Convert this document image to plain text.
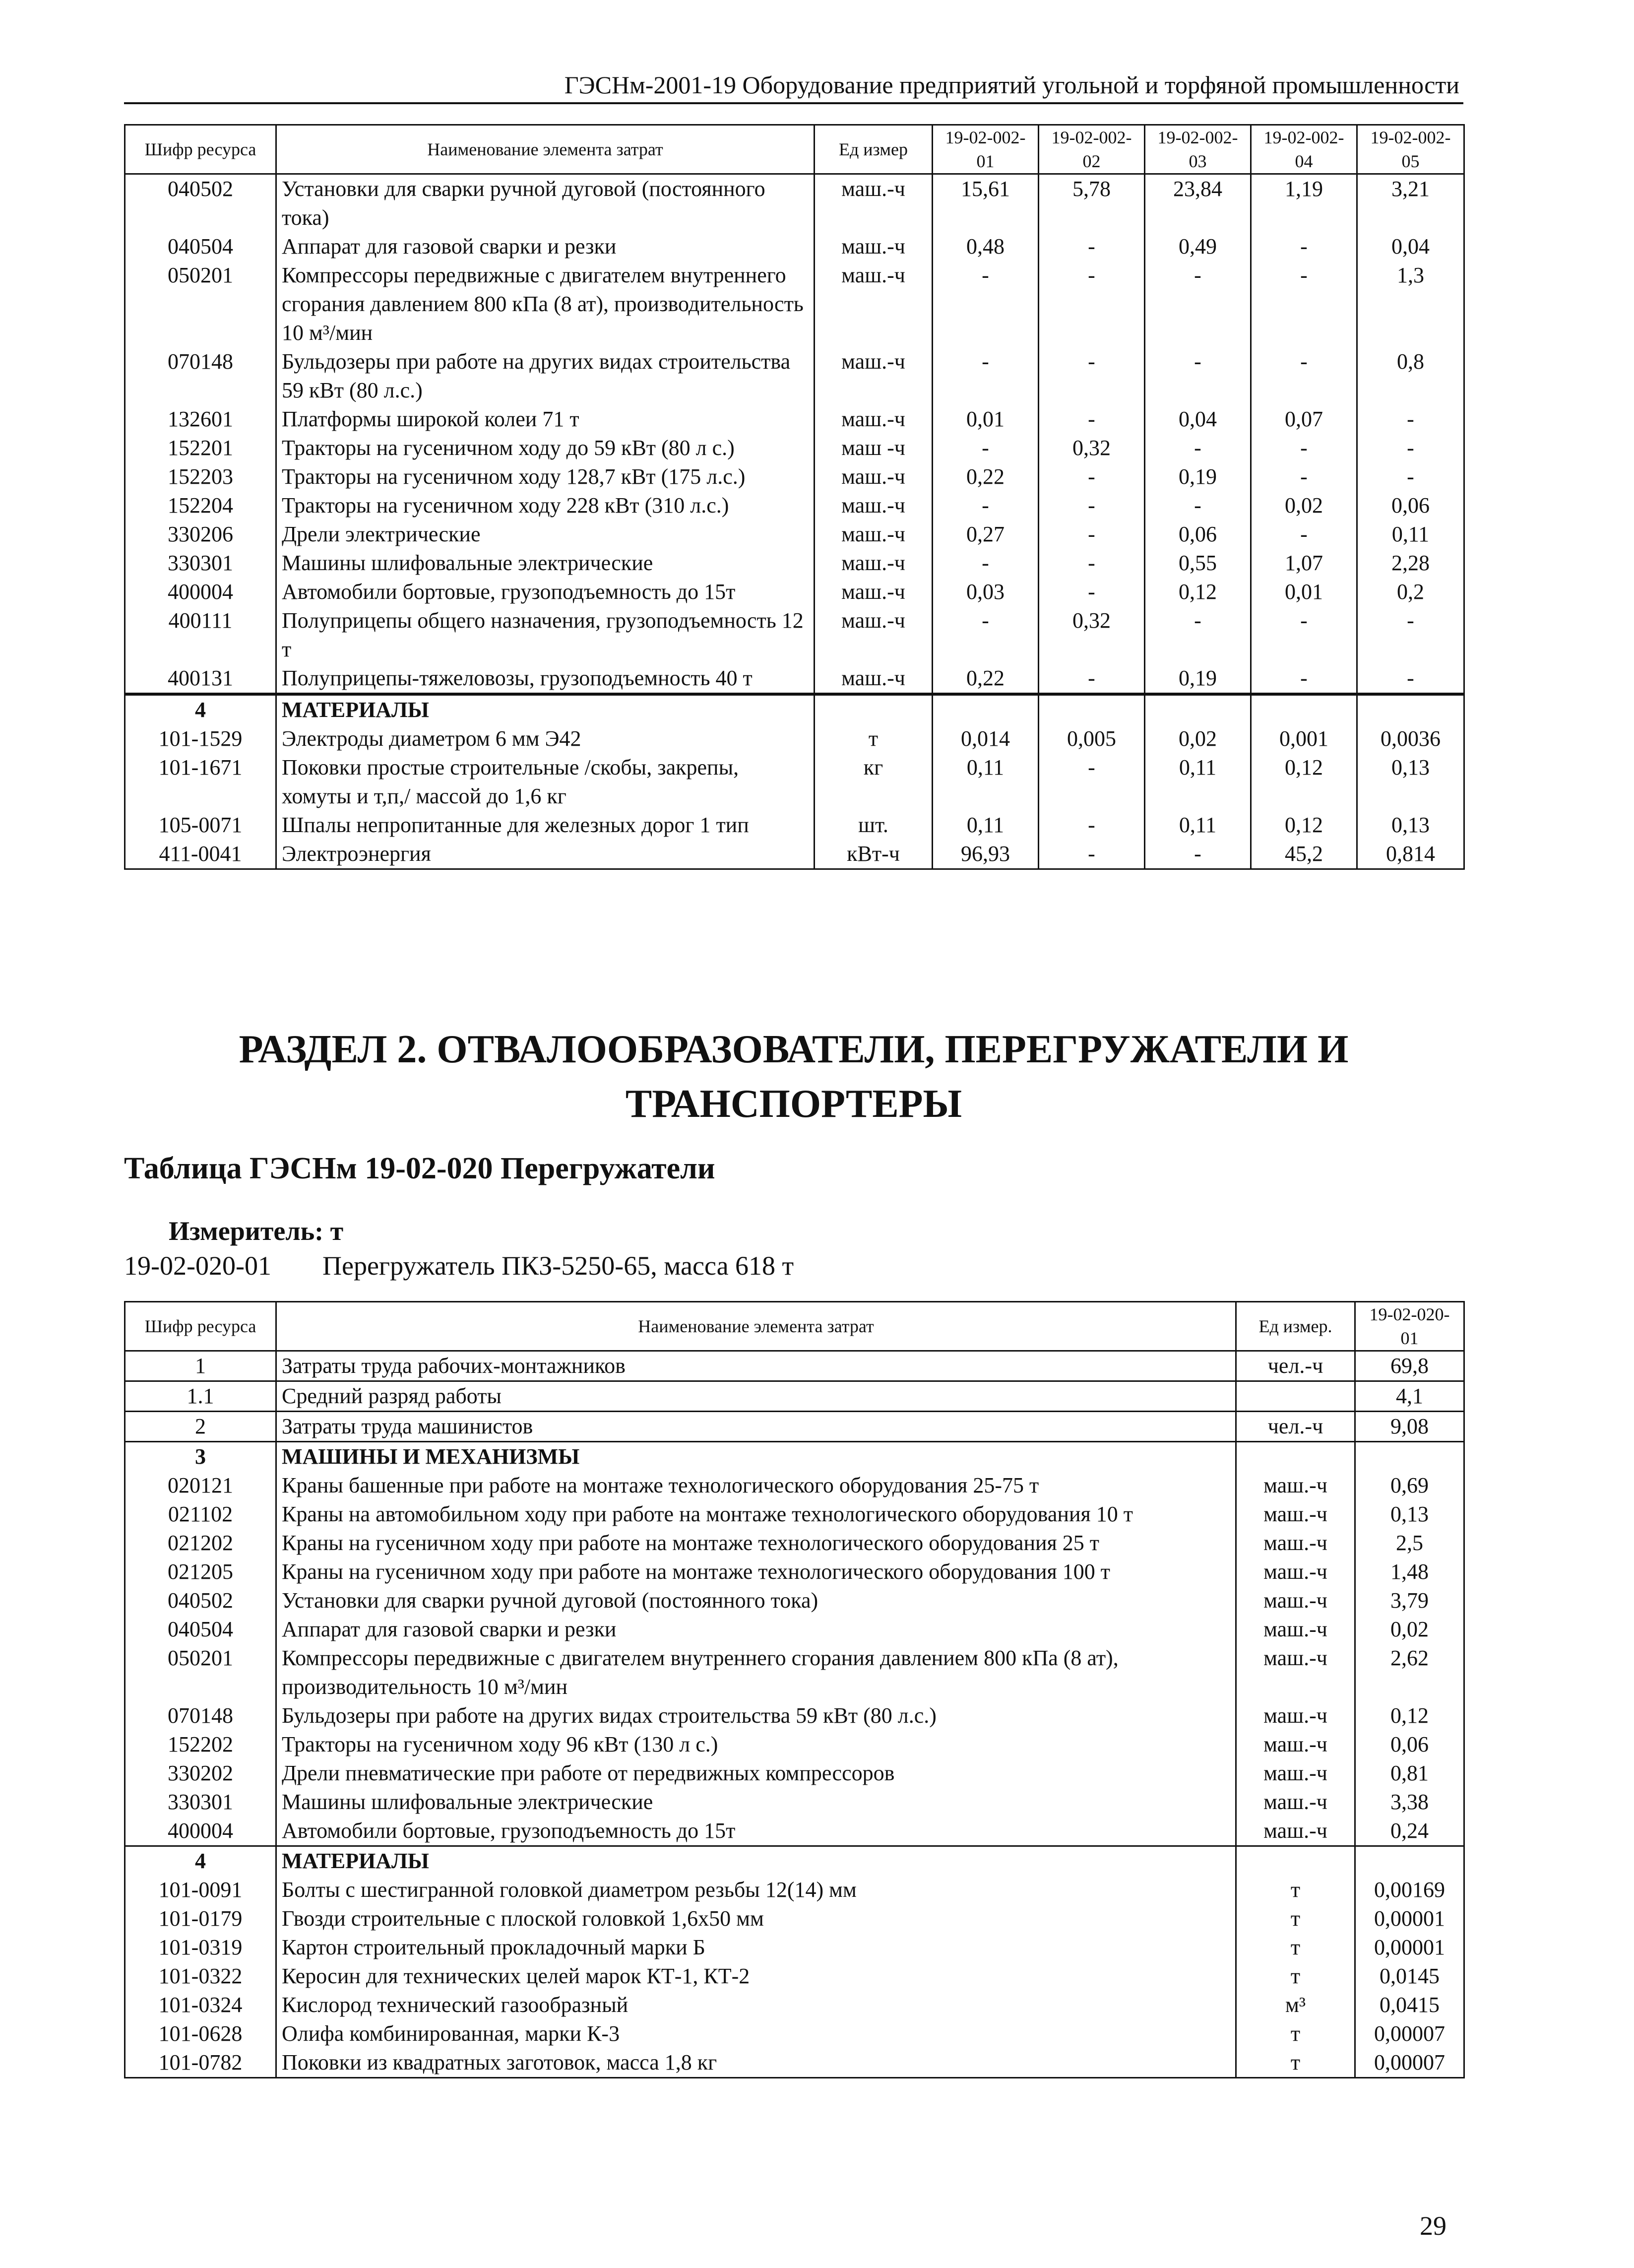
ГЭСНм-2001-19 Оборудование предприятий угольной и торфяной промышленности
Шифр ресурса	Наименование элемента затрат	Ед измер	19-02-002-01	19-02-002-02	19-02-002-03	19-02-002-04	19-02-002-05
040502	Установки для сварки ручной дуговой (постоянного тока)	маш.-ч	15,61	5,78	23,84	1,19	3,21
040504	Аппарат для газовой сварки и резки	маш.-ч	0,48	-	0,49	-	0,04
050201	Компрессоры передвижные с двигателем внутреннего сгорания давлением 800 кПа (8 ат), производительность 10 м³/мин	маш.-ч	-	-	-	-	1,3
070148	Бульдозеры при работе на других видах строительства 59 кВт (80 л.с.)	маш.-ч	-	-	-	-	0,8
132601	Платформы широкой колеи 71 т	маш.-ч	0,01	-	0,04	0,07	-
152201	Тракторы на гусеничном ходу до 59 кВт (80 л с.)	маш -ч	-	0,32	-	-	-
152203	Тракторы на гусеничном ходу 128,7 кВт (175 л.с.)	маш.-ч	0,22	-	0,19	-	-
152204	Тракторы на гусеничном ходу 228 кВт (310 л.с.)	маш.-ч	-	-	-	0,02	0,06
330206	Дрели электрические	маш.-ч	0,27	-	0,06	-	0,11
330301	Машины шлифовальные электрические	маш.-ч	-	-	0,55	1,07	2,28
400004	Автомобили бортовые, грузоподъемность до 15т	маш.-ч	0,03	-	0,12	0,01	0,2
400111	Полуприцепы общего назначения, грузоподъемность 12 т	маш.-ч	-	0,32	-	-	-
400131	Полуприцепы-тяжеловозы, грузоподъемность 40 т	маш.-ч	0,22	-	0,19	-	-
4	МАТЕРИАЛЫ						
101-1529	Электроды диаметром 6 мм Э42	т	0,014	0,005	0,02	0,001	0,0036
101-1671	Поковки простые строительные /скобы, закрепы, хомуты и т,п,/ массой до 1,6 кг	кг	0,11	-	0,11	0,12	0,13
105-0071	Шпалы непропитанные для железных дорог 1 тип	шт.	0,11	-	0,11	0,12	0,13
411-0041	Электроэнергия	кВт-ч	96,93	-	-	45,2	0,814
РАЗДЕЛ 2. ОТВАЛООБРАЗОВАТЕЛИ, ПЕРЕГРУЖАТЕЛИ И
ТРАНСПОРТЕРЫ
Таблица ГЭСНм 19-02-020 Перегружатели
Измеритель: т
19-02-020-01 Перегружатель ПКЗ-5250-65, масса 618 т
Шифр ресурса	Наименование элемента затрат	Ед измер.	19-02-020-01
1	Затраты труда рабочих-монтажников	чел.-ч	69,8
1.1	Средний разряд работы		4,1
2	Затраты труда машинистов	чел.-ч	9,08
3	МАШИНЫ И МЕХАНИЗМЫ		
020121	Краны башенные при работе на монтаже технологического оборудования 25-75 т	маш.-ч	0,69
021102	Краны на автомобильном ходу при работе на монтаже технологического оборудования 10 т	маш.-ч	0,13
021202	Краны на гусеничном ходу при работе на монтаже технологического оборудования 25 т	маш.-ч	2,5
021205	Краны на гусеничном ходу при работе на монтаже технологического оборудования 100 т	маш.-ч	1,48
040502	Установки для сварки ручной дуговой (постоянного тока)	маш.-ч	3,79
040504	Аппарат для газовой сварки и резки	маш.-ч	0,02
050201	Компрессоры передвижные с двигателем внутреннего сгорания давлением 800 кПа (8 ат), производительность 10 м³/мин	маш.-ч	2,62
070148	Бульдозеры при работе на других видах строительства 59 кВт (80 л.с.)	маш.-ч	0,12
152202	Тракторы на гусеничном ходу 96 кВт (130 л с.)	маш.-ч	0,06
330202	Дрели пневматические при работе от передвижных компрессоров	маш.-ч	0,81
330301	Машины шлифовальные электрические	маш.-ч	3,38
400004	Автомобили бортовые, грузоподъемность до 15т	маш.-ч	0,24
4	МАТЕРИАЛЫ		
101-0091	Болты с шестигранной головкой диаметром резьбы 12(14) мм	т	0,00169
101-0179	Гвозди строительные с плоской головкой 1,6х50 мм	т	0,00001
101-0319	Картон строительный прокладочный марки Б	т	0,00001
101-0322	Керосин для технических целей марок КТ-1, КТ-2	т	0,0145
101-0324	Кислород технический газообразный	м³	0,0415
101-0628	Олифа комбинированная, марки К-3	т	0,00007
101-0782	Поковки из квадратных заготовок, масса 1,8 кг	т	0,00007
29
